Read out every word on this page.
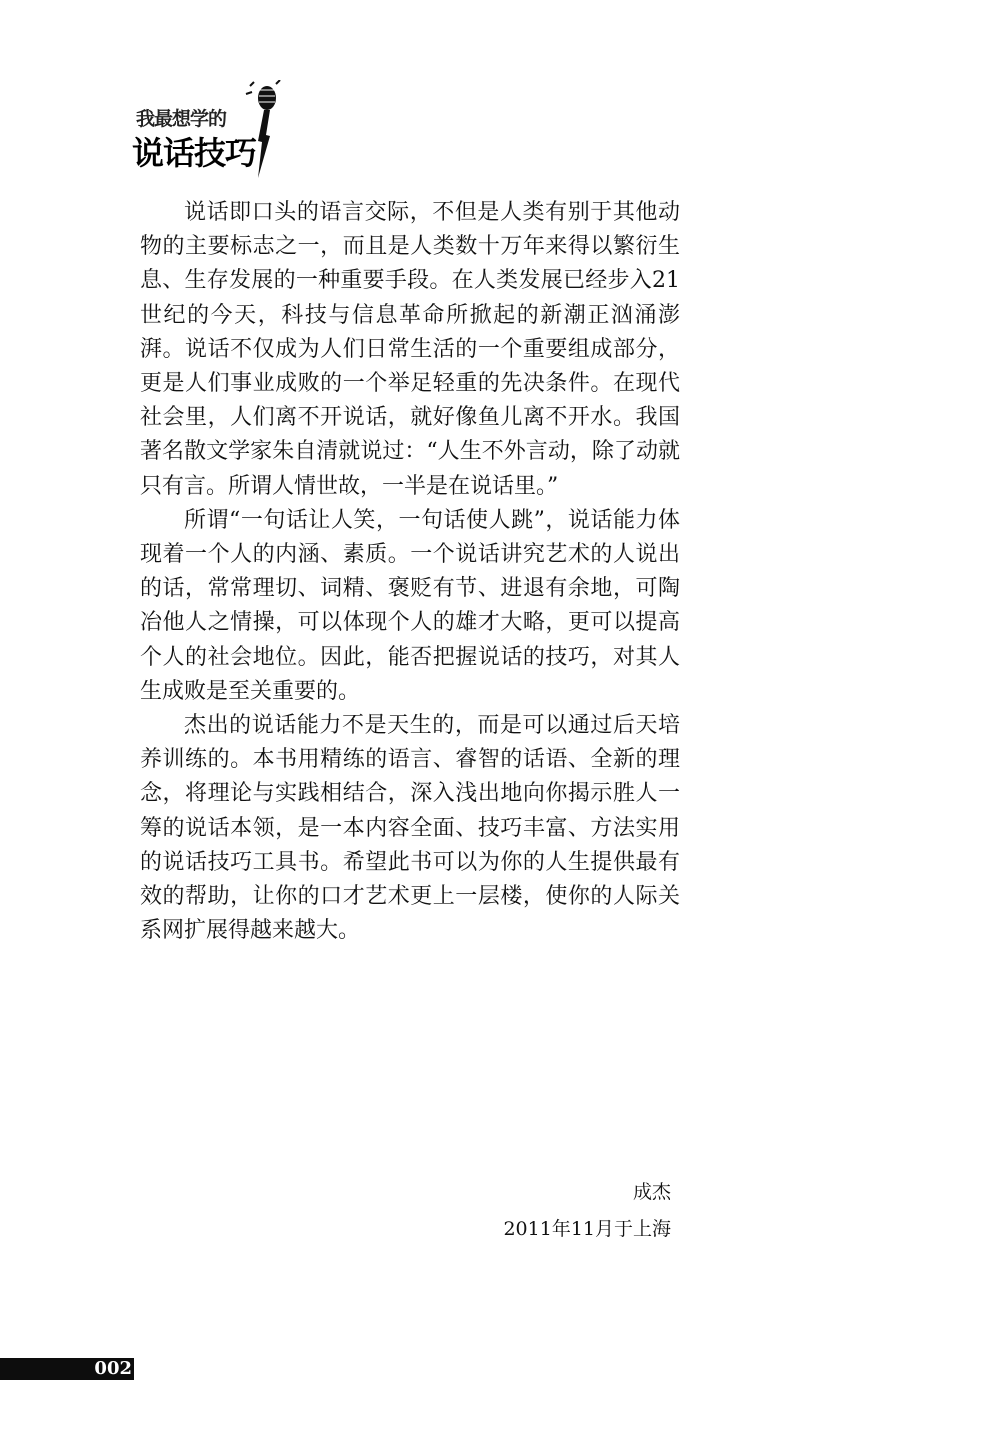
我最想学的
说话技巧

说话即口头的语言交际，不但是人类有别于其他动物的主要标志之一，而且是人类数十万年来得以繁衍生息、生存发展的一种重要手段。在人类发展已经步入21世纪的今天，科技与信息革命所掀起的新潮正汹涌澎湃。说话不仅成为人们日常生活的一个重要组成部分，更是人们事业成败的一个举足轻重的先决条件。在现代社会里，人们离不开说话，就好像鱼儿离不开水。我国著名散文学家朱自清就说过：“人生不外言动，除了动就只有言。所谓人情世故，一半是在说话里。”

所谓“一句话让人笑，一句话使人跳”，说话能力体现着一个人的内涵、素质。一个说话讲究艺术的人说出的话，常常理切、词精、褒贬有节、进退有余地，可陶冶他人之情操，可以体现个人的雄才大略，更可以提高个人的社会地位。因此，能否把握说话的技巧，对其人生成败是至关重要的。

杰出的说话能力不是天生的，而是可以通过后天培养训练的。本书用精练的语言、睿智的话语、全新的理念，将理论与实践相结合，深入浅出地向你揭示胜人一筹的说话本领，是一本内容全面、技巧丰富、方法实用的说话技巧工具书。希望此书可以为你的人生提供最有效的帮助，让你的口才艺术更上一层楼，使你的人际关系网扩展得越来越大。

成杰
2011年11月于上海
002
